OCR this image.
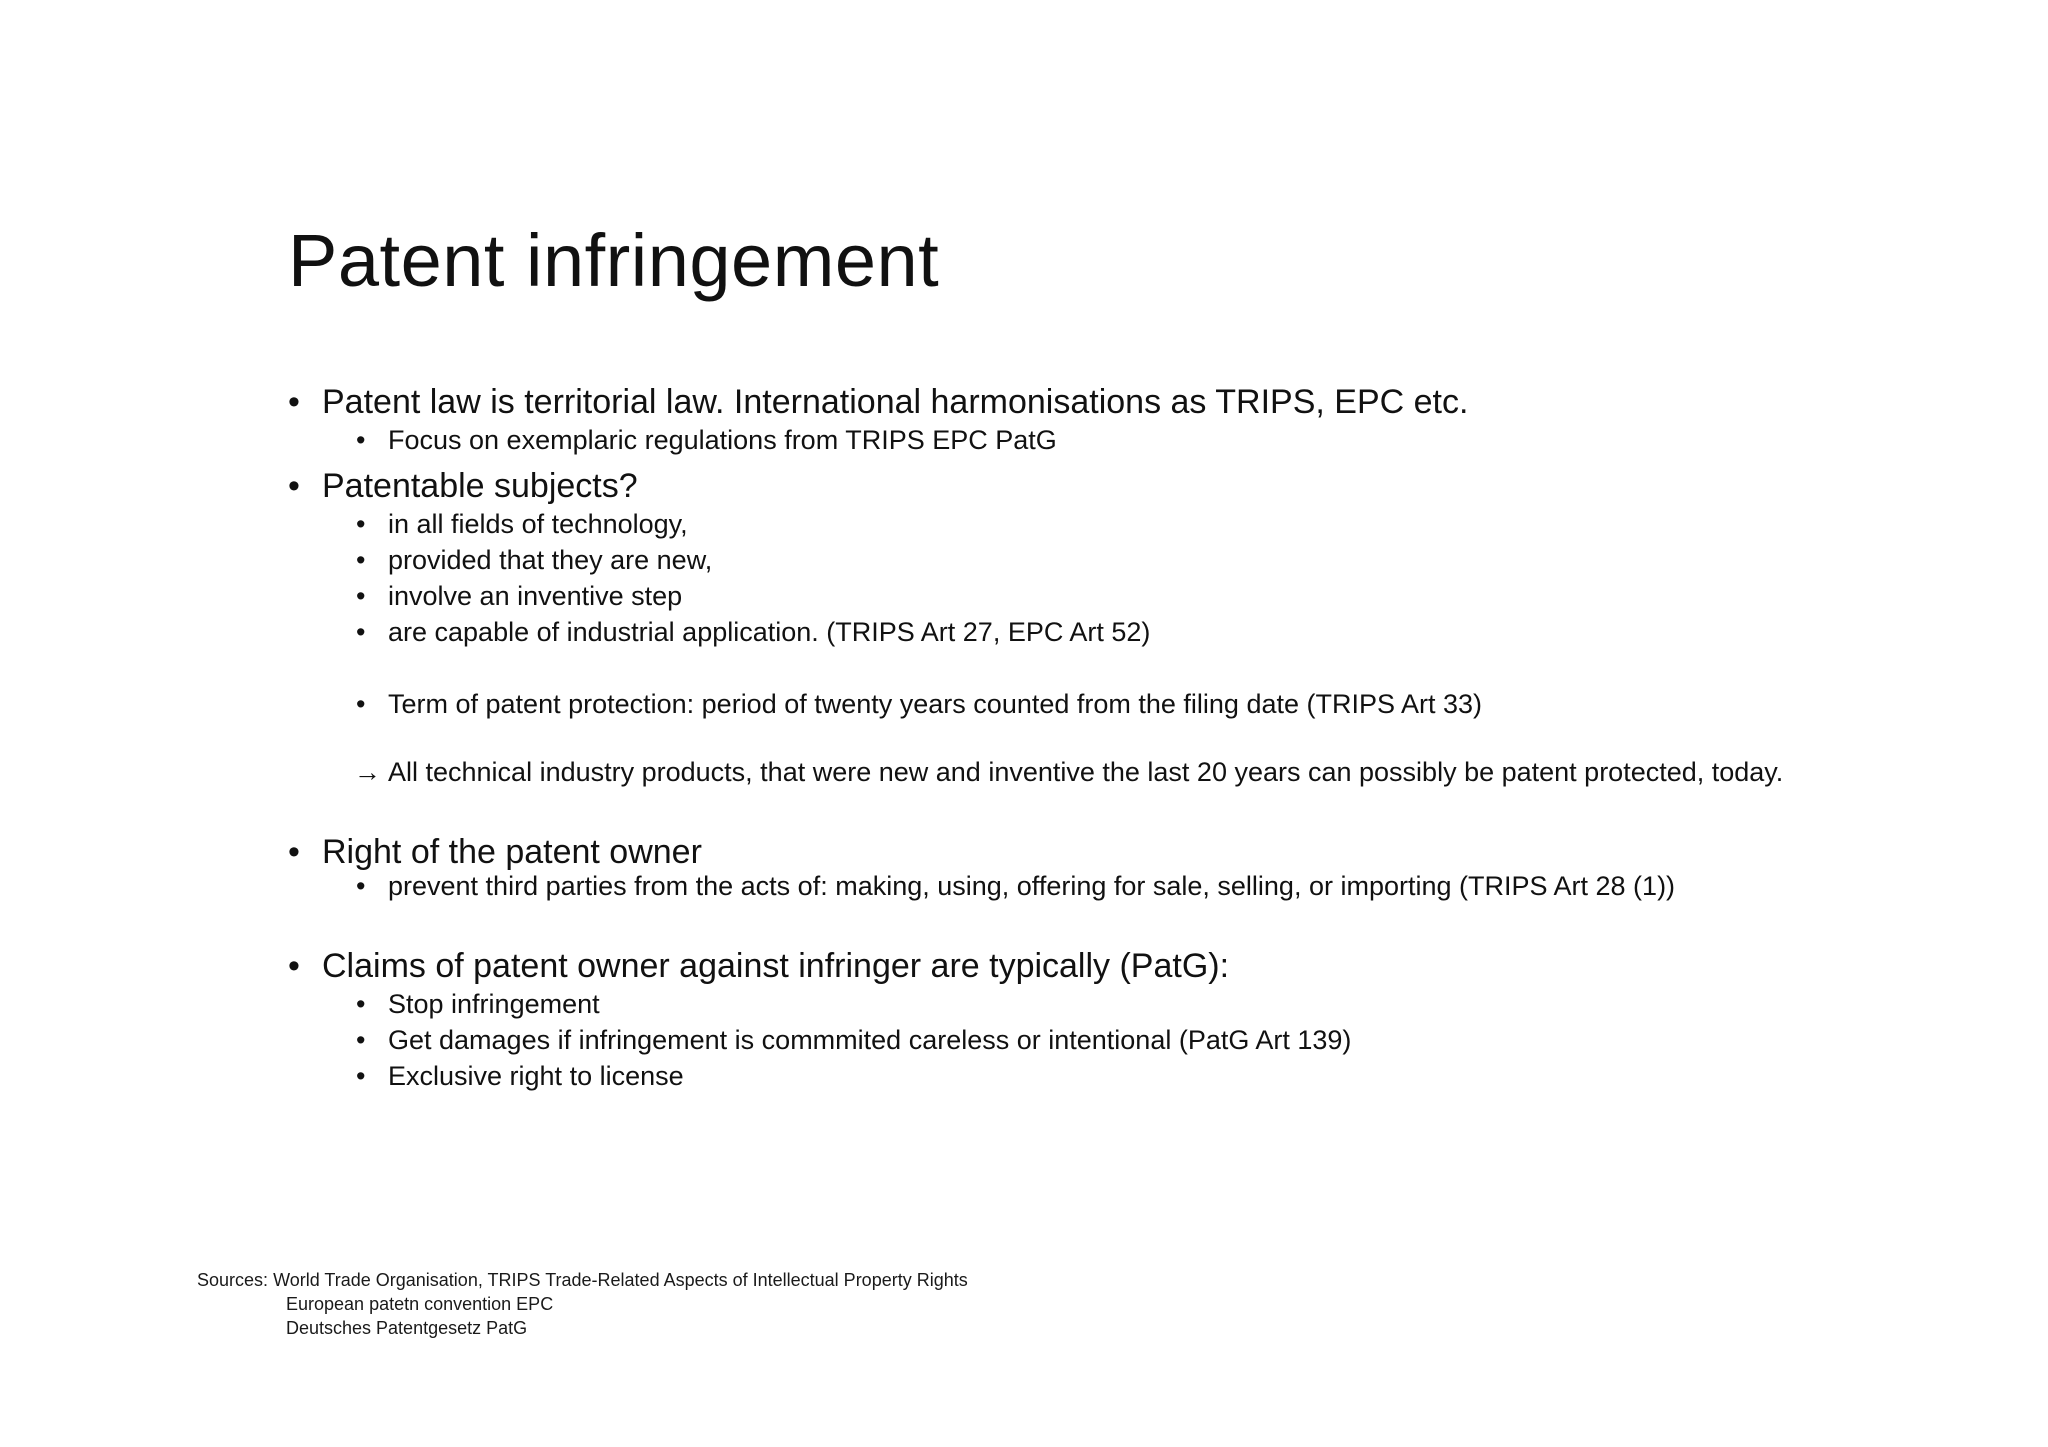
Patent infringement
• Patent law is territorial law. International harmonisations as TRIPS, EPC etc.
• Focus on exemplaric regulations from TRIPS EPC PatG
• Patentable subjects?
• in all fields of technology,
• provided that they are new,
• involve an inventive step
• are capable of industrial application. (TRIPS Art 27, EPC Art 52)
• Term of patent protection: period of twenty years counted from the filing date (TRIPS Art 33)
→ All technical industry products, that were new and inventive the last 20 years can possibly be patent protected, today.
• Right of the patent owner
• prevent third parties from the acts of: making, using, offering for sale, selling, or importing (TRIPS Art 28 (1))
• Claims of patent owner against infringer are typically (PatG):
• Stop infringement
• Get damages if infringement is commmited careless or intentional (PatG Art 139)
• Exclusive right to license
Sources: World Trade Organisation, TRIPS Trade-Related Aspects of Intellectual Property Rights
European patetn convention EPC
Deutsches Patentgesetz PatG
